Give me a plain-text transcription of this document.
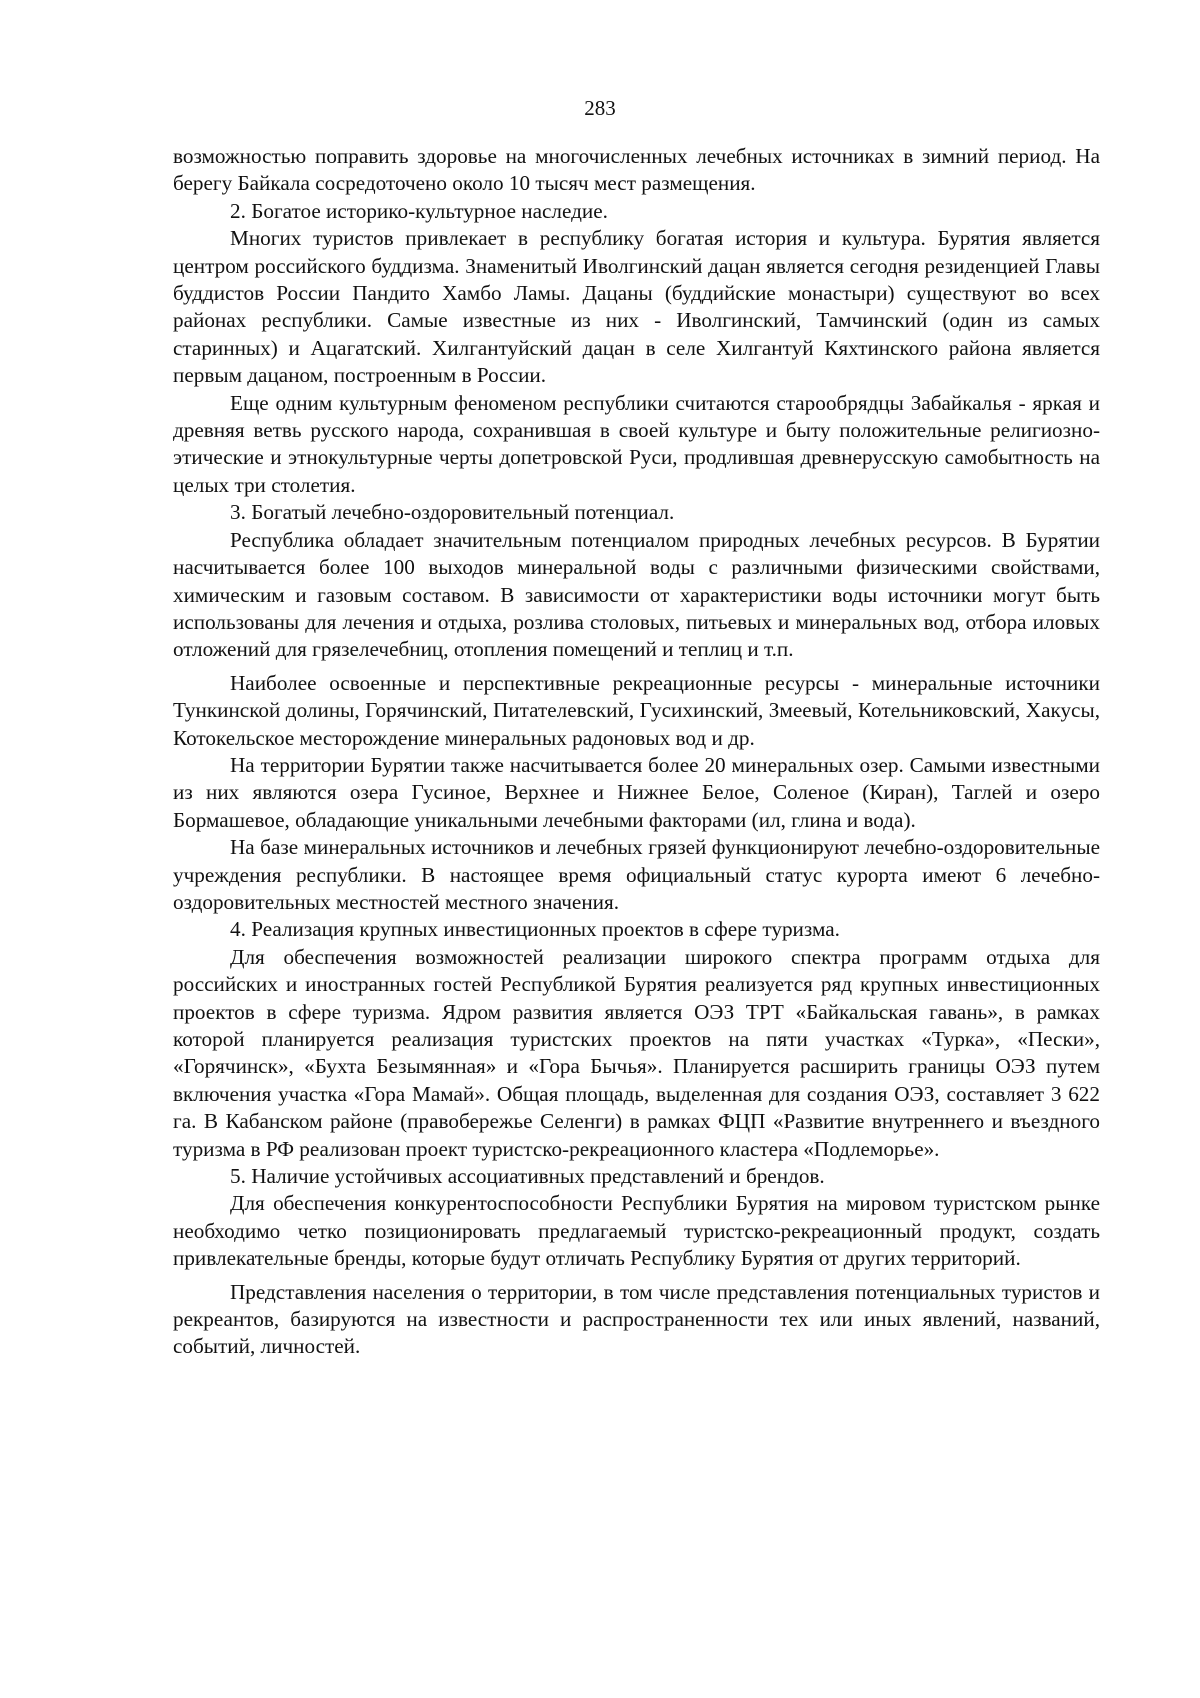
283

возможностью поправить здоровье на многочисленных лечебных источниках в зимний период. На берегу Байкала сосредоточено около 10 тысяч мест размещения.

2. Богатое историко-культурное наследие.

Многих туристов привлекает в республику богатая история и культура. Бурятия является центром российского буддизма. Знаменитый Иволгинский дацан является сегодня резиденцией Главы буддистов России Пандито Хамбо Ламы. Дацаны (буддийские монастыри) существуют во всех районах республики. Самые известные из них - Иволгинский, Тамчинский (один из самых старинных) и Ацагатский. Хилгантуйский дацан в селе Хилгантуй Кяхтинского района является первым дацаном, построенным в России.

Еще одним культурным феноменом республики считаются старообрядцы Забайкалья - яркая и древняя ветвь русского народа, сохранившая в своей культуре и быту положительные религиозно-этические и этнокультурные черты допетровской Руси, продлившая древнерусскую самобытность на целых три столетия.

3. Богатый лечебно-оздоровительный потенциал.

Республика обладает значительным потенциалом природных лечебных ресурсов. В Бурятии насчитывается более 100 выходов минеральной воды с различными физическими свойствами, химическим и газовым составом. В зависимости от характеристики воды источники могут быть использованы для лечения и отдыха, розлива столовых, питьевых и минеральных вод, отбора иловых отложений для грязелечебниц, отопления помещений и теплиц и т.п.

Наиболее освоенные и перспективные рекреационные ресурсы - минеральные источники Тункинской долины, Горячинский, Питателевский, Гусихинский, Змеевый, Котельниковский, Хакусы, Котокельское месторождение минеральных радоновых вод и др.

На территории Бурятии также насчитывается более 20 минеральных озер. Самыми известными из них являются озера Гусиное, Верхнее и Нижнее Белое, Соленое (Киран), Таглей и озеро Бормашевое, обладающие уникальными лечебными факторами (ил, глина и вода).

На базе минеральных источников и лечебных грязей функционируют лечебно-оздоровительные учреждения республики. В настоящее время официальный статус курорта имеют 6 лечебно-оздоровительных местностей местного значения.

4. Реализация крупных инвестиционных проектов в сфере туризма.

Для обеспечения возможностей реализации широкого спектра программ отдыха для российских и иностранных гостей Республикой Бурятия реализуется ряд крупных инвестиционных проектов в сфере туризма. Ядром развития является ОЭЗ ТРТ «Байкальская гавань», в рамках которой планируется реализация туристских проектов на пяти участках «Турка», «Пески», «Горячинск», «Бухта Безымянная» и «Гора Бычья». Планируется расширить границы ОЭЗ путем включения участка «Гора Мамай». Общая площадь, выделенная для создания ОЭЗ, составляет 3 622 га. В Кабанском районе (правобережье Селенги) в рамках ФЦП «Развитие внутреннего и въездного туризма в РФ реализован проект туристско-рекреационного кластера «Подлеморье».

5. Наличие устойчивых ассоциативных представлений и брендов.

Для обеспечения конкурентоспособности Республики Бурятия на мировом туристском рынке необходимо четко позиционировать предлагаемый туристско-рекреационный продукт, создать привлекательные бренды, которые будут отличать Республику Бурятия от других территорий.

Представления населения о территории, в том числе представления потенциальных туристов и рекреантов, базируются на известности и распространенности тех или иных явлений, названий, событий, личностей.
